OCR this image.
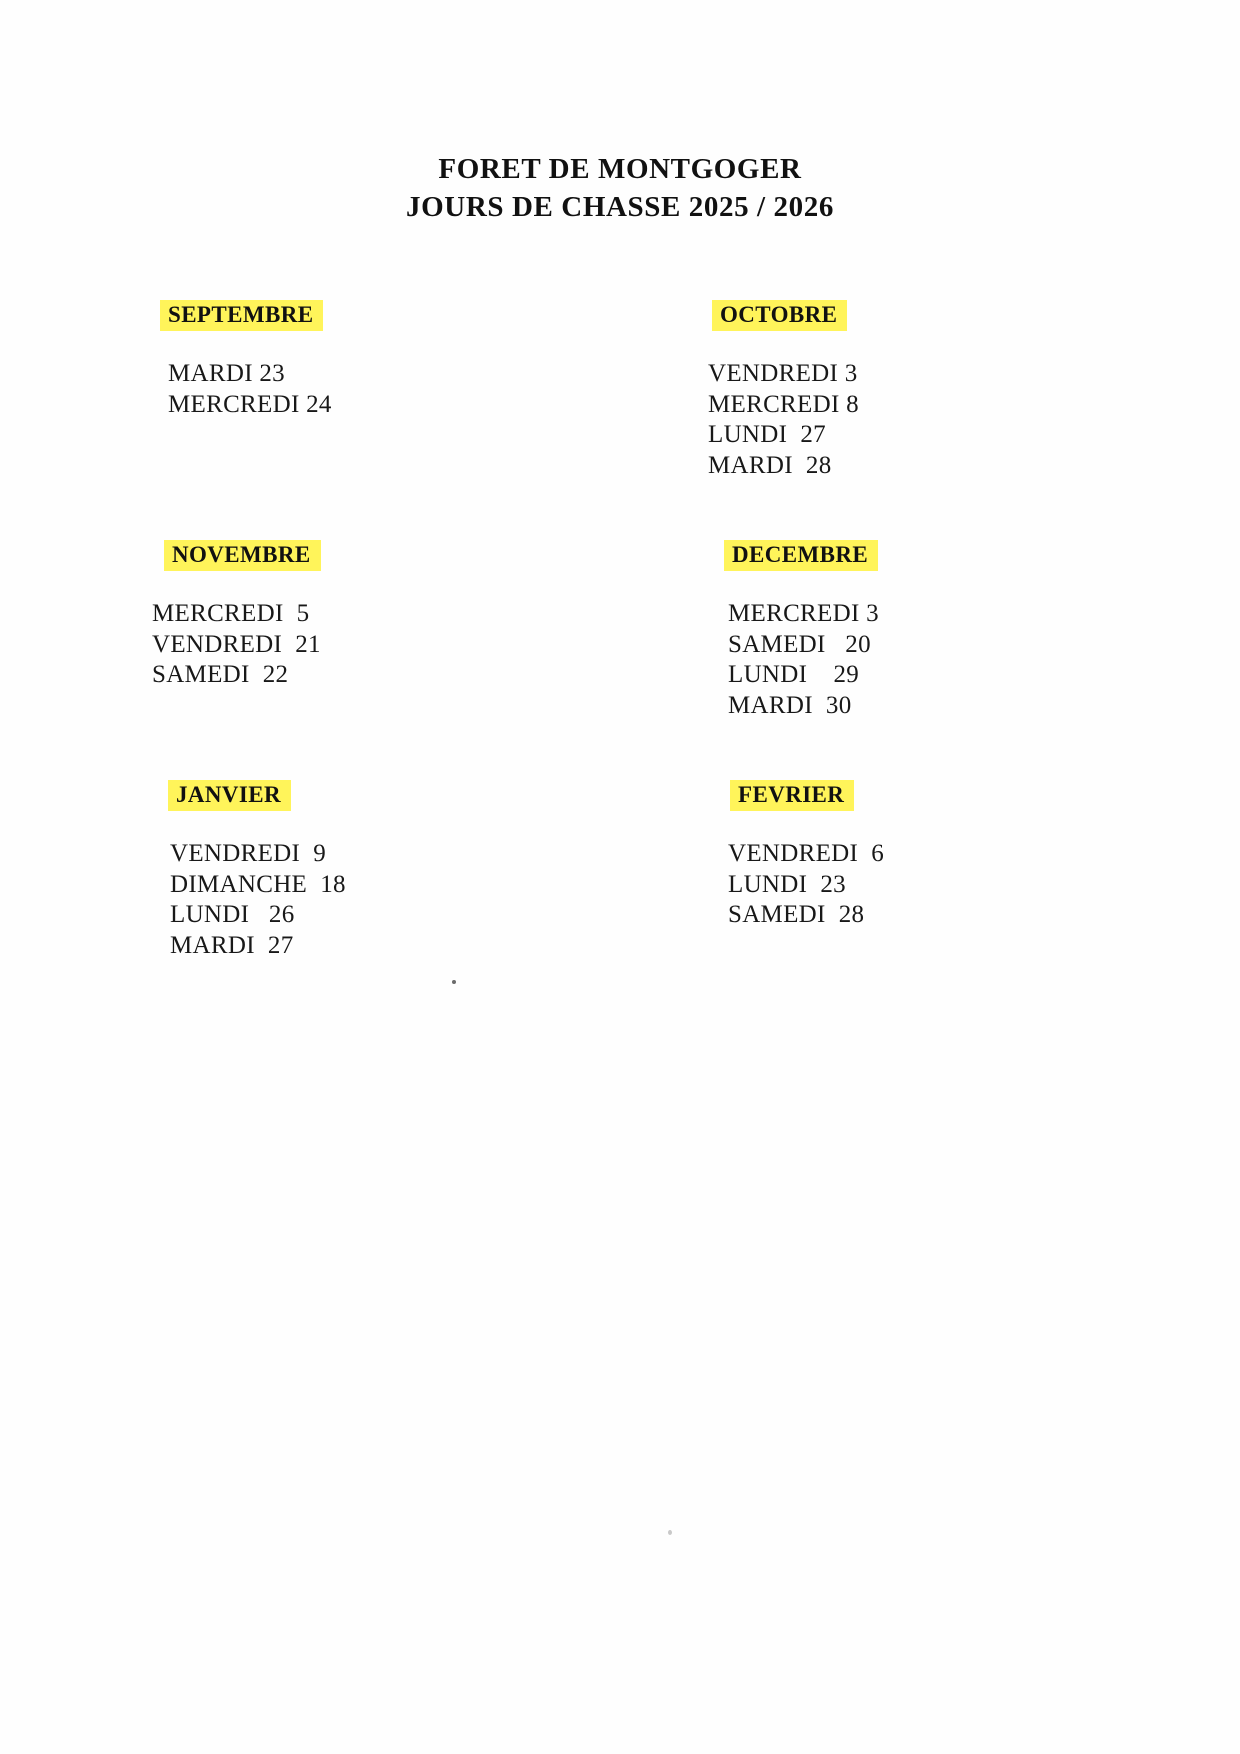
FORET DE MONTGOGER
JOURS DE CHASSE 2025 / 2026
SEPTEMBRE
MARDI 23
MERCREDI 24
NOVEMBRE
MERCREDI  5
VENDREDI  21
SAMEDI  22
JANVIER
VENDREDI  9
DIMANCHE  18
LUNDI   26
MARDI  27
OCTOBRE
VENDREDI 3
MERCREDI 8
LUNDI  27
MARDI  28
DECEMBRE
MERCREDI 3
SAMEDI   20
LUNDI    29
MARDI  30
FEVRIER
VENDREDI  6
LUNDI  23
SAMEDI  28
